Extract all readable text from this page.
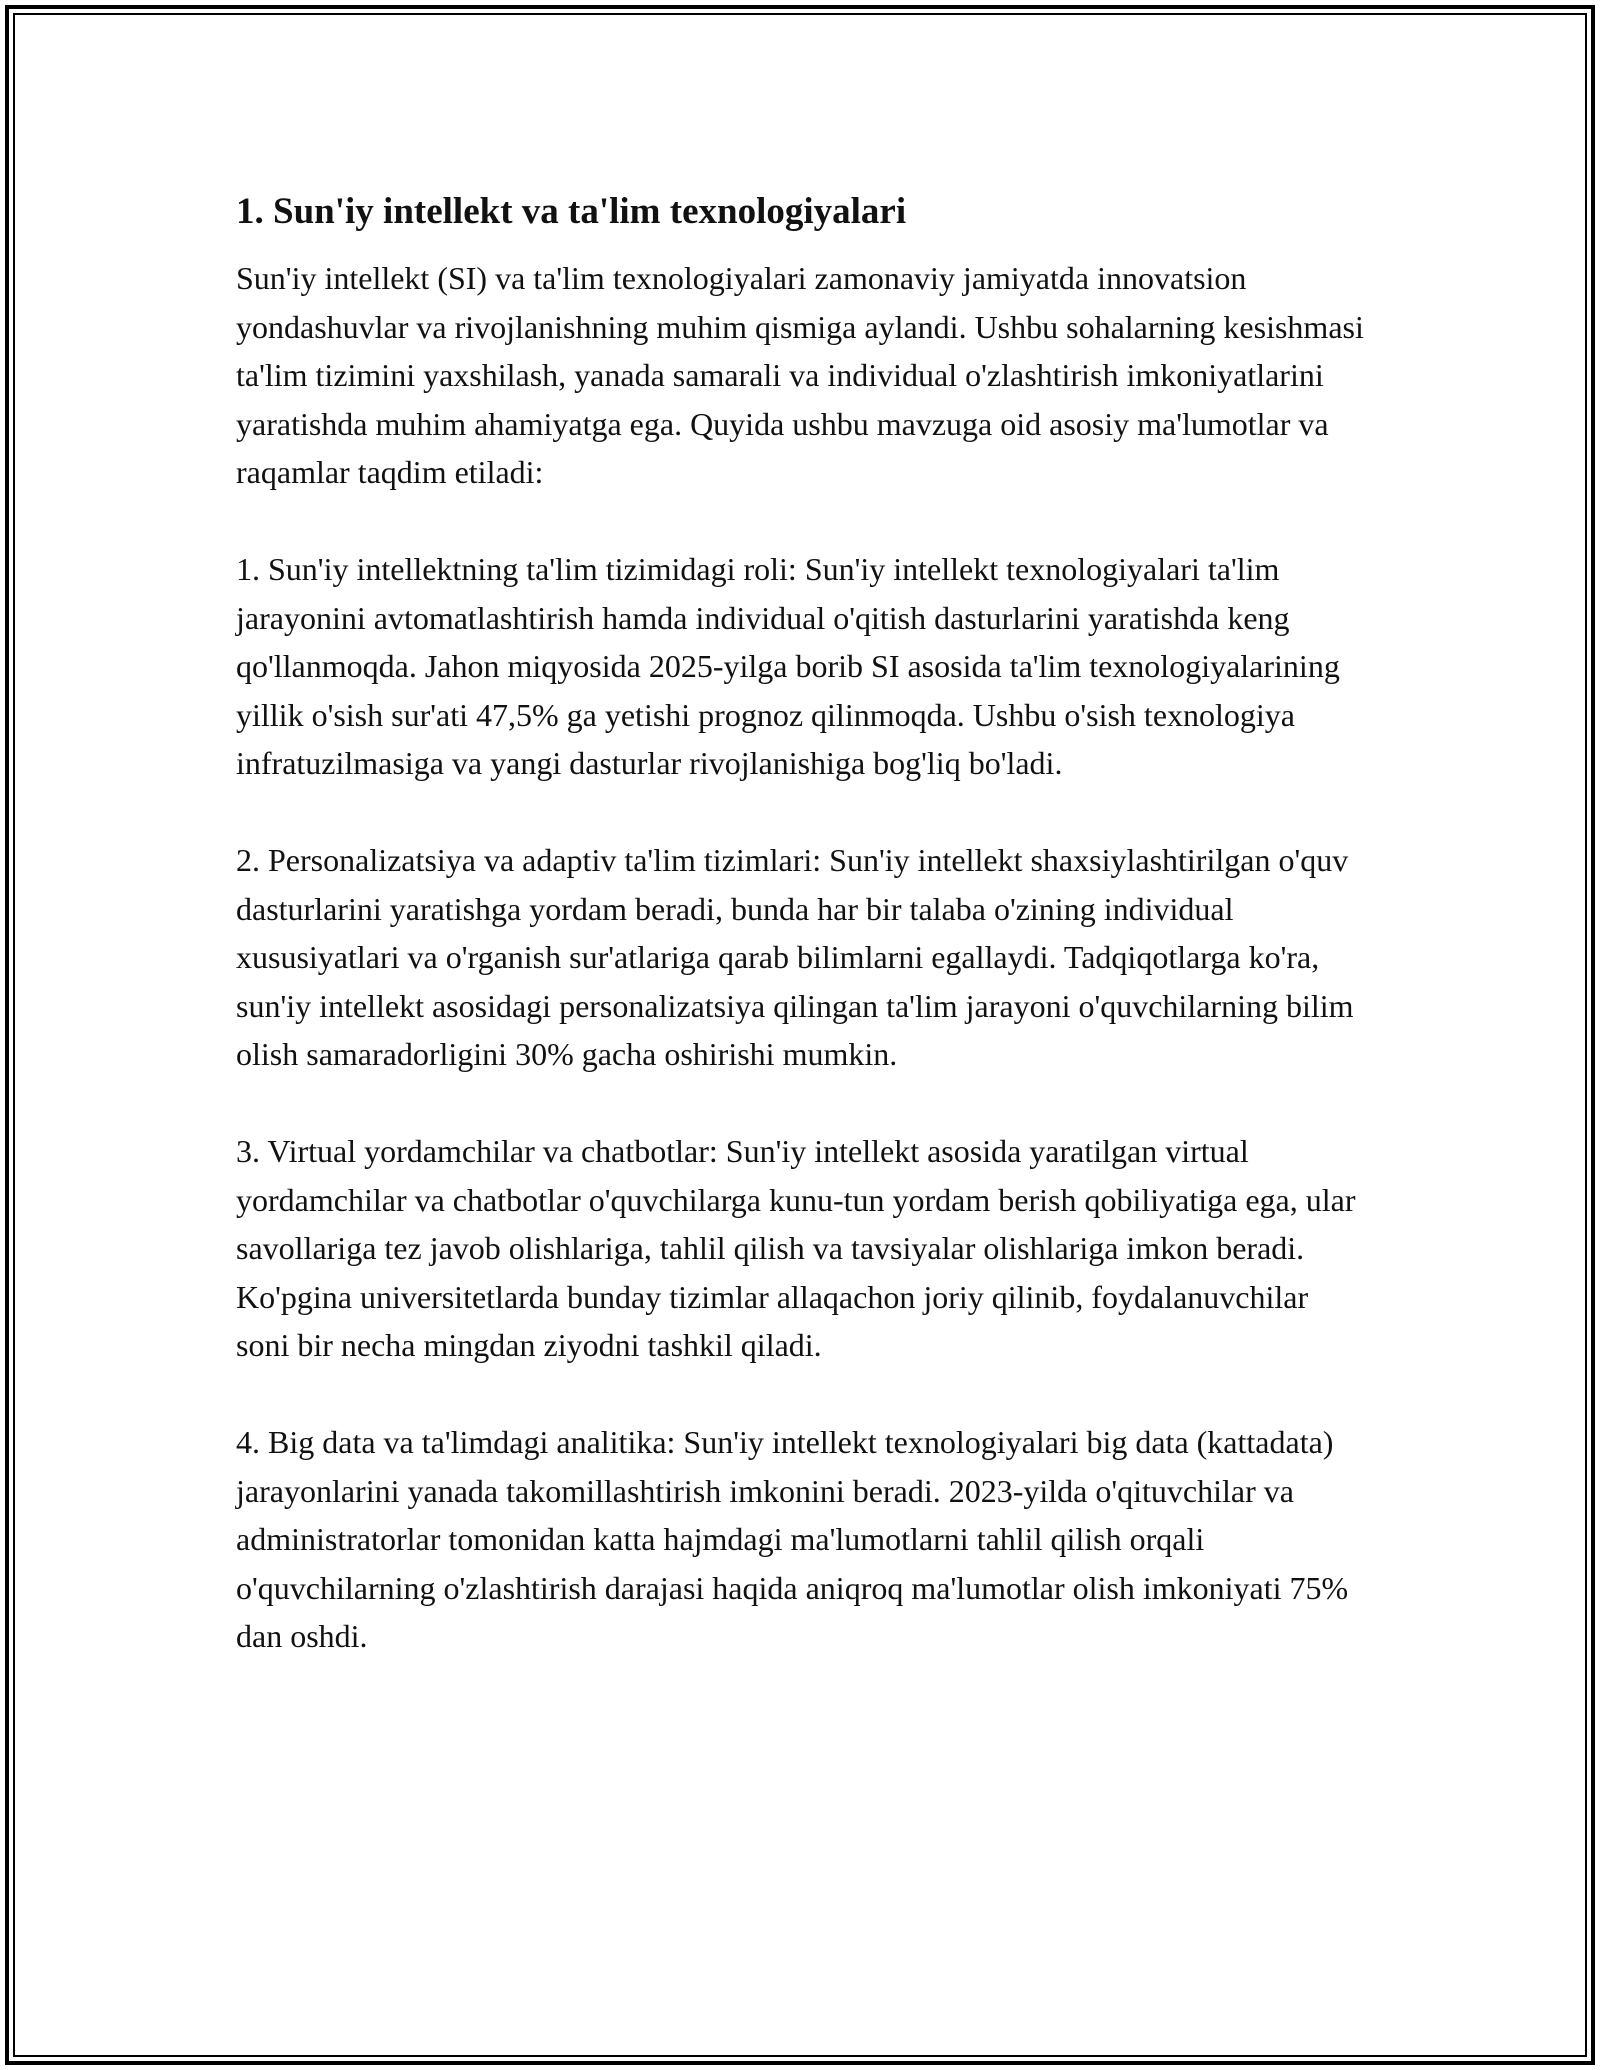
1. Sun'iy intellekt va ta'lim texnologiyalari

Sun'iy intellekt (SI) va ta'lim texnologiyalari zamonaviy jamiyatda innovatsion yondashuvlar va rivojlanishning muhim qismiga aylandi. Ushbu sohalarning kesishmasi ta'lim tizimini yaxshilash, yanada samarali va individual o'zlashtirish imkoniyatlarini yaratishda muhim ahamiyatga ega. Quyida ushbu mavzuga oid asosiy ma'lumotlar va raqamlar taqdim etiladi:

1. Sun'iy intellektning ta'lim tizimidagi roli: Sun'iy intellekt texnologiyalari ta'lim jarayonini avtomatlashtirish hamda individual o'qitish dasturlarini yaratishda keng qo'llanmoqda. Jahon miqyosida 2025-yilga borib SI asosida ta'lim texnologiyalarining yillik o'sish sur'ati 47,5% ga yetishi prognoz qilinmoqda. Ushbu o'sish texnologiya infratuzilmasiga va yangi dasturlar rivojlanishiga bog'liq bo'ladi.

2. Personalizatsiya va adaptiv ta'lim tizimlari: Sun'iy intellekt shaxsiylashtirilgan o'quv dasturlarini yaratishga yordam beradi, bunda har bir talaba o'zining individual xususiyatlari va o'rganish sur'atlariga qarab bilimlarni egallaydi. Tadqiqotlarga ko'ra, sun'iy intellekt asosidagi personalizatsiya qilingan ta'lim jarayoni o'quvchilarning bilim olish samaradorligini 30% gacha oshirishi mumkin.

3. Virtual yordamchilar va chatbotlar: Sun'iy intellekt asosida yaratilgan virtual yordamchilar va chatbotlar o'quvchilarga kunu-tun yordam berish qobiliyatiga ega, ular savollariga tez javob olishlariga, tahlil qilish va tavsiyalar olishlariga imkon beradi. Ko'pgina universitetlarda bunday tizimlar allaqachon joriy qilinib, foydalanuvchilar soni bir necha mingdan ziyodni tashkil qiladi.

4. Big data va ta'limdagi analitika: Sun'iy intellekt texnologiyalari big data (kattadata) jarayonlarini yanada takomillashtirish imkonini beradi. 2023-yilda o'qituvchilar va administratorlar tomonidan katta hajmdagi ma'lumotlarni tahlil qilish orqali o'quvchilarning o'zlashtirish darajasi haqida aniqroq ma'lumotlar olish imkoniyati 75% dan oshdi.
